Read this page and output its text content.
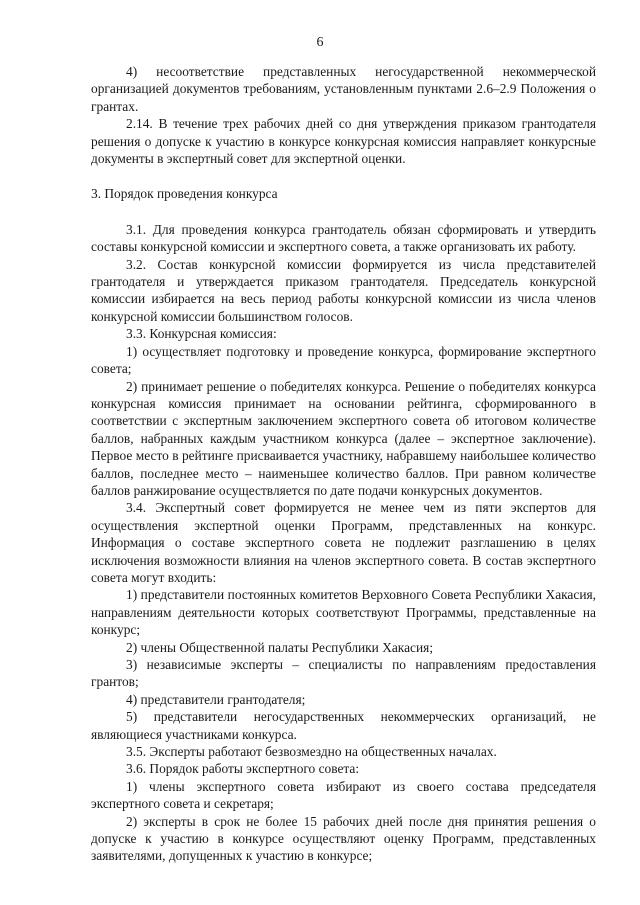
6

4) несоответствие представленных негосударственной некоммерческой организацией документов требованиям, установленным пунктами 2.6–2.9 Положения о грантах.

2.14. В течение трех рабочих дней со дня утверждения приказом грантодателя решения о допуске к участию в конкурсе конкурсная комиссия направляет конкурсные документы в экспертный совет для экспертной оценки.

3. Порядок проведения конкурса

3.1. Для проведения конкурса грантодатель обязан сформировать и утвердить составы конкурсной комиссии и экспертного совета, а также организовать их работу.

3.2. Состав конкурсной комиссии формируется из числа представителей грантодателя и утверждается приказом грантодателя. Председатель конкурсной комиссии избирается на весь период работы конкурсной комиссии из числа членов конкурсной комиссии большинством голосов.

3.3. Конкурсная комиссия:

1) осуществляет подготовку и проведение конкурса, формирование экспертного совета;

2) принимает решение о победителях конкурса. Решение о победителях конкурса конкурсная комиссия принимает на основании рейтинга, сформированного в соответствии с экспертным заключением экспертного совета об итоговом количестве баллов, набранных каждым участником конкурса (далее – экспертное заключение). Первое место в рейтинге присваивается участнику, набравшему наибольшее количество баллов, последнее место – наименьшее количество баллов. При равном количестве баллов ранжирование осуществляется по дате подачи конкурсных документов.

3.4. Экспертный совет формируется не менее чем из пяти экспертов для осуществления экспертной оценки Программ, представленных на конкурс. Информация о составе экспертного совета не подлежит разглашению в целях исключения возможности влияния на членов экспертного совета. В состав экспертного совета могут входить:

1) представители постоянных комитетов Верховного Совета Республики Хакасия, направлениям деятельности которых соответствуют Программы, представленные на конкурс;

2) члены Общественной палаты Республики Хакасия;

3) независимые эксперты – специалисты по направлениям предоставления грантов;

4) представители грантодателя;

5) представители негосударственных некоммерческих организаций, не являющиеся участниками конкурса.

3.5. Эксперты работают безвозмездно на общественных началах.

3.6. Порядок работы экспертного совета:

1) члены экспертного совета избирают из своего состава председателя экспертного совета и секретаря;

2) эксперты в срок не более 15 рабочих дней после дня принятия решения о допуске к участию в конкурсе осуществляют оценку Программ, представленных заявителями, допущенных к участию в конкурсе;
